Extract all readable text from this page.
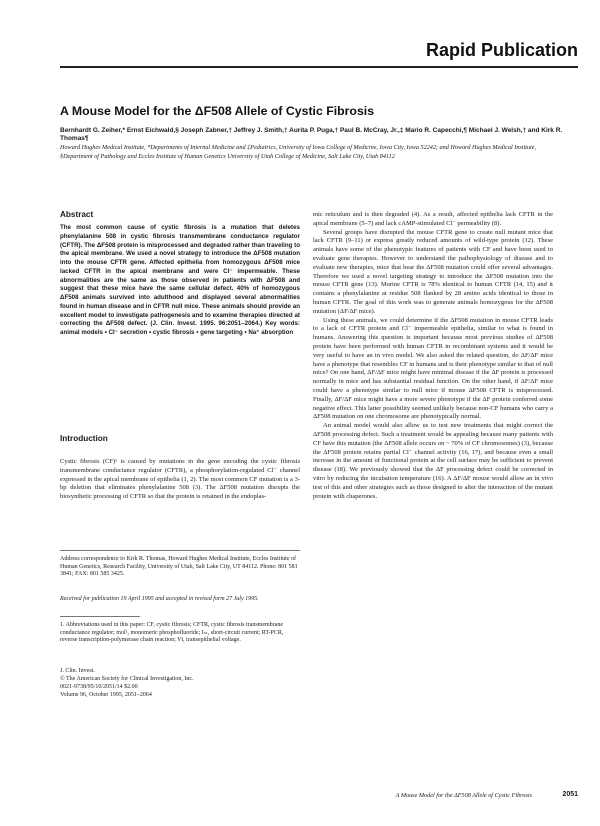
Rapid Publication
A Mouse Model for the ΔF508 Allele of Cystic Fibrosis
Bernhardt G. Zeiher,* Ernst Eichwald,§ Joseph Zabner,† Jeffrey J. Smith,† Aurita P. Puga,† Paul B. McCray, Jr.,‡ Mario R. Capecchi,¶ Michael J. Welsh,† and Kirk R. Thomas¶
Howard Hughes Medical Institute, *Departments of Internal Medicine and ‡Pediatrics, University of Iowa College of Medicine, Iowa City, Iowa 52242; and Howard Hughes Medical Institute, §Department of Pathology and Eccles Institute of Human Genetics University of Utah College of Medicine, Salt Lake City, Utah 84112
Abstract
The most common cause of cystic fibrosis is a mutation that deletes phenylalanine 508 in cystic fibrosis transmembrane conductance regulator (CFTR). The ΔF508 protein is misprocessed and degraded rather than traveling to the apical membrane. We used a novel strategy to introduce the ΔF508 mutation into the mouse CFTR gene. Affected epithelia from homozygous ΔF508 mice lacked CFTR in the apical membrane and were Cl⁻ impermeable. These abnormalities are the same as those observed in patients with ΔF508 and suggest that these mice have the same cellular defect. 40% of homozygous ΔF508 animals survived into adulthood and displayed several abnormalities found in human disease and in CFTR null mice. These animals should provide an excellent model to investigate pathogenesis and to examine therapies directed at correcting the ΔF508 defect. (J. Clin. Invest. 1995. 96:2051–2064.) Key words: animal models • Cl⁻ secretion • cystic fibrosis • gene targeting • Na⁺ absorption
Introduction
Cystic fibrosis (CF)¹ is caused by mutations in the gene encoding the cystic fibrosis transmembrane conductance regulator (CFTR), a phosphorylation-regulated Cl⁻ channel expressed in the apical membrane of epithelia (1, 2). The most common CF mutation is a 3-bp deletion that eliminates phenylalanine 508 (3). The ΔF508 mutation disrupts the biosynthetic processing of CFTR so that the protein is retained in the endoplas-
Address correspondence to Kirk R. Thomas, Howard Hughes Medical Institute, Eccles Institute of Human Genetics, Research Facility, University of Utah, Salt Lake City, UT 84112. Phone: 801 581 3841; FAX: 801 585 3425.
Received for publication 19 April 1995 and accepted in revised form 27 July 1995.
1. Abbreviations used in this paper: CF, cystic fibrosis; CFTR, cystic fibrosis transmembrane conductance regulator; mol¹, monomeric phosphofluoride; Iₛₜ, short-circuit current; RT-PCR, reverse transcription-polymerase chain reaction; Vt, transepithelial voltage.
J. Clin. Invest.
© The American Society for Clinical Investigation, Inc.
0021-9738/95/10/2051/14 $2.00
Volume 96, October 1995, 2051–2064

mic reticulum and is then degraded (4). As a result, affected epithelia lack CFTR in the apical membrane (5–7) and lack cAMP-stimulated Cl⁻ permeability (8).

Several groups have disrupted the mouse CFTR gene to create null mutant mice that lack CFTR (9–11) or express greatly reduced amounts of wild-type protein (12). These animals have some of the phenotypic features of patients with CF and have been used to evaluate gene therapies. However to understand the pathophysiology of disease and to evaluate new therapies, mice that bear the ΔF508 mutation could offer several advantages. Therefore we used a novel targeting strategy to introduce the ΔF508 mutation into the mouse CFTR gene (13). Murine CFTR is 78% identical to human CFTR (14, 15) and it contains a phenylalanine at residue 508 flanked by 28 amino acids identical to those in human CFTR. The goal of this work was to generate animals homozygous for the ΔF508 mutation (ΔF/ΔF mice).

Using these animals, we could determine if the ΔF508 mutation in mouse CFTR leads to a lack of CFTR protein and Cl⁻ impermeable epithelia, similar to what is found in humans. Answering this question is important because most previous studies of ΔF508 protein have been performed with human CFTR in recombinant systems and it would be very useful to have an in vivo model. We also asked the related question, do ΔF/ΔF mice have a phenotype that resembles CF in humans and is their phenotype similar to that of null mice? On one hand, ΔF/ΔF mice might have minimal disease if the ΔF protein is processed normally in mice and has substantial residual function. On the other hand, if ΔF/ΔF mice could have a phenotype similar to null mice if mouse ΔF508 CFTR is misprocessed. Finally, ΔF/ΔF mice might have a more severe phenotype if the ΔF protein conferred some negative effect. This latter possibility seemed unlikely because non-CF humans who carry a ΔF508 mutation on one chromosome are phenotypically normal.

An animal model would also allow us to test new treatments that might correct the ΔF508 processing defect. Such a treatment would be appealing because many patients with CF have this mutation (the ΔF508 allele occurs on ~ 70% of CF chromosomes) (3), because the ΔF508 protein retains partial Cl⁻ channel activity (16, 17), and because even a small increase in the amount of functional protein at the cell surface may be sufficient to prevent disease (18). We previously showed that the ΔF processing defect could be corrected in vitro by reducing the incubation temperature (16). A ΔF/ΔF mouse would allow an in vivo test of this and other strategies such as those designed to alter the interaction of the mutant protein with chaperones.

A Mouse Model for the ΔF508 Allele of Cystic Fibrosis	2051
